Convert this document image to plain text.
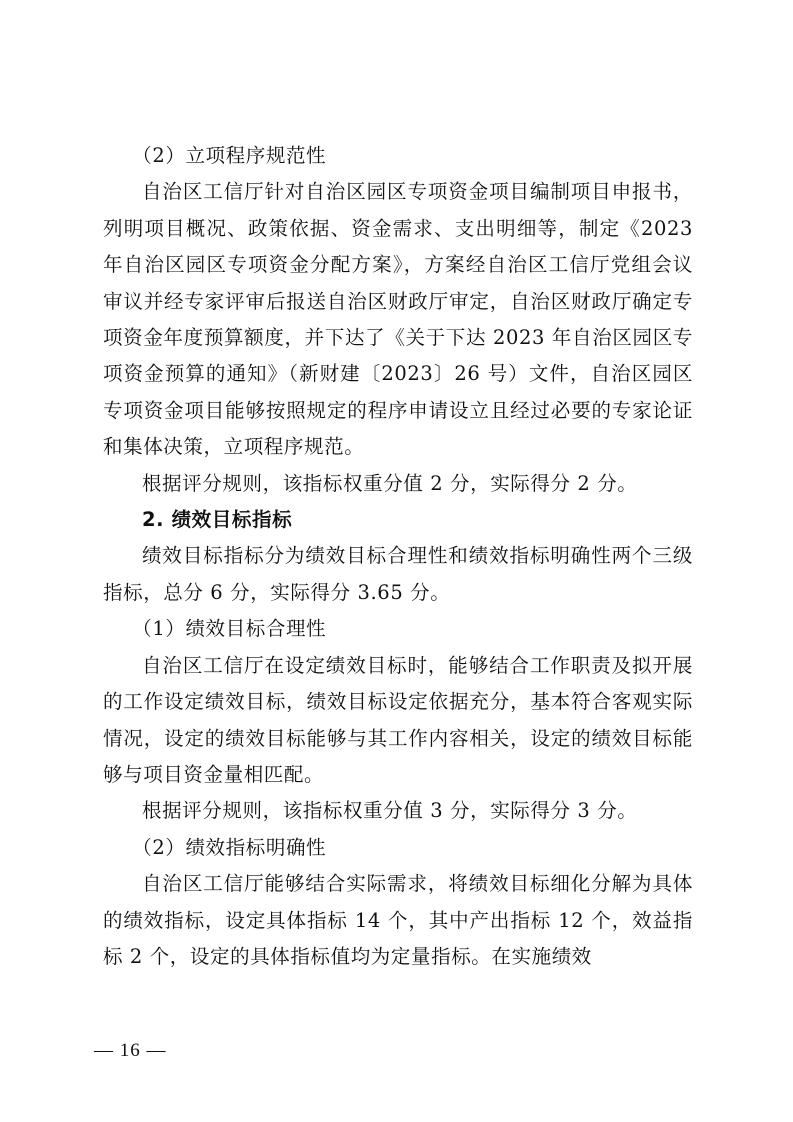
（2）立项程序规范性

自治区工信厅针对自治区园区专项资金项目编制项目申报书，列明项目概况、政策依据、资金需求、支出明细等，制定《2023 年自治区园区专项资金分配方案》，方案经自治区工信厅党组会议审议并经专家评审后报送自治区财政厅审定，自治区财政厅确定专项资金年度预算额度，并下达了《关于下达 2023 年自治区园区专项资金预算的通知》（新财建〔2023〕26 号）文件，自治区园区专项资金项目能够按照规定的程序申请设立且经过必要的专家论证和集体决策，立项程序规范。

根据评分规则，该指标权重分值 2 分，实际得分 2 分。

2. 绩效目标指标

绩效目标指标分为绩效目标合理性和绩效指标明确性两个三级指标，总分 6 分，实际得分 3.65 分。

（1）绩效目标合理性

自治区工信厅在设定绩效目标时，能够结合工作职责及拟开展的工作设定绩效目标，绩效目标设定依据充分，基本符合客观实际情况，设定的绩效目标能够与其工作内容相关，设定的绩效目标能够与项目资金量相匹配。

根据评分规则，该指标权重分值 3 分，实际得分 3 分。

（2）绩效指标明确性

自治区工信厅能够结合实际需求，将绩效目标细化分解为具体的绩效指标，设定具体指标 14 个，其中产出指标 12 个，效益指标 2 个，设定的具体指标值均为定量指标。在实施绩效

— 16 —
